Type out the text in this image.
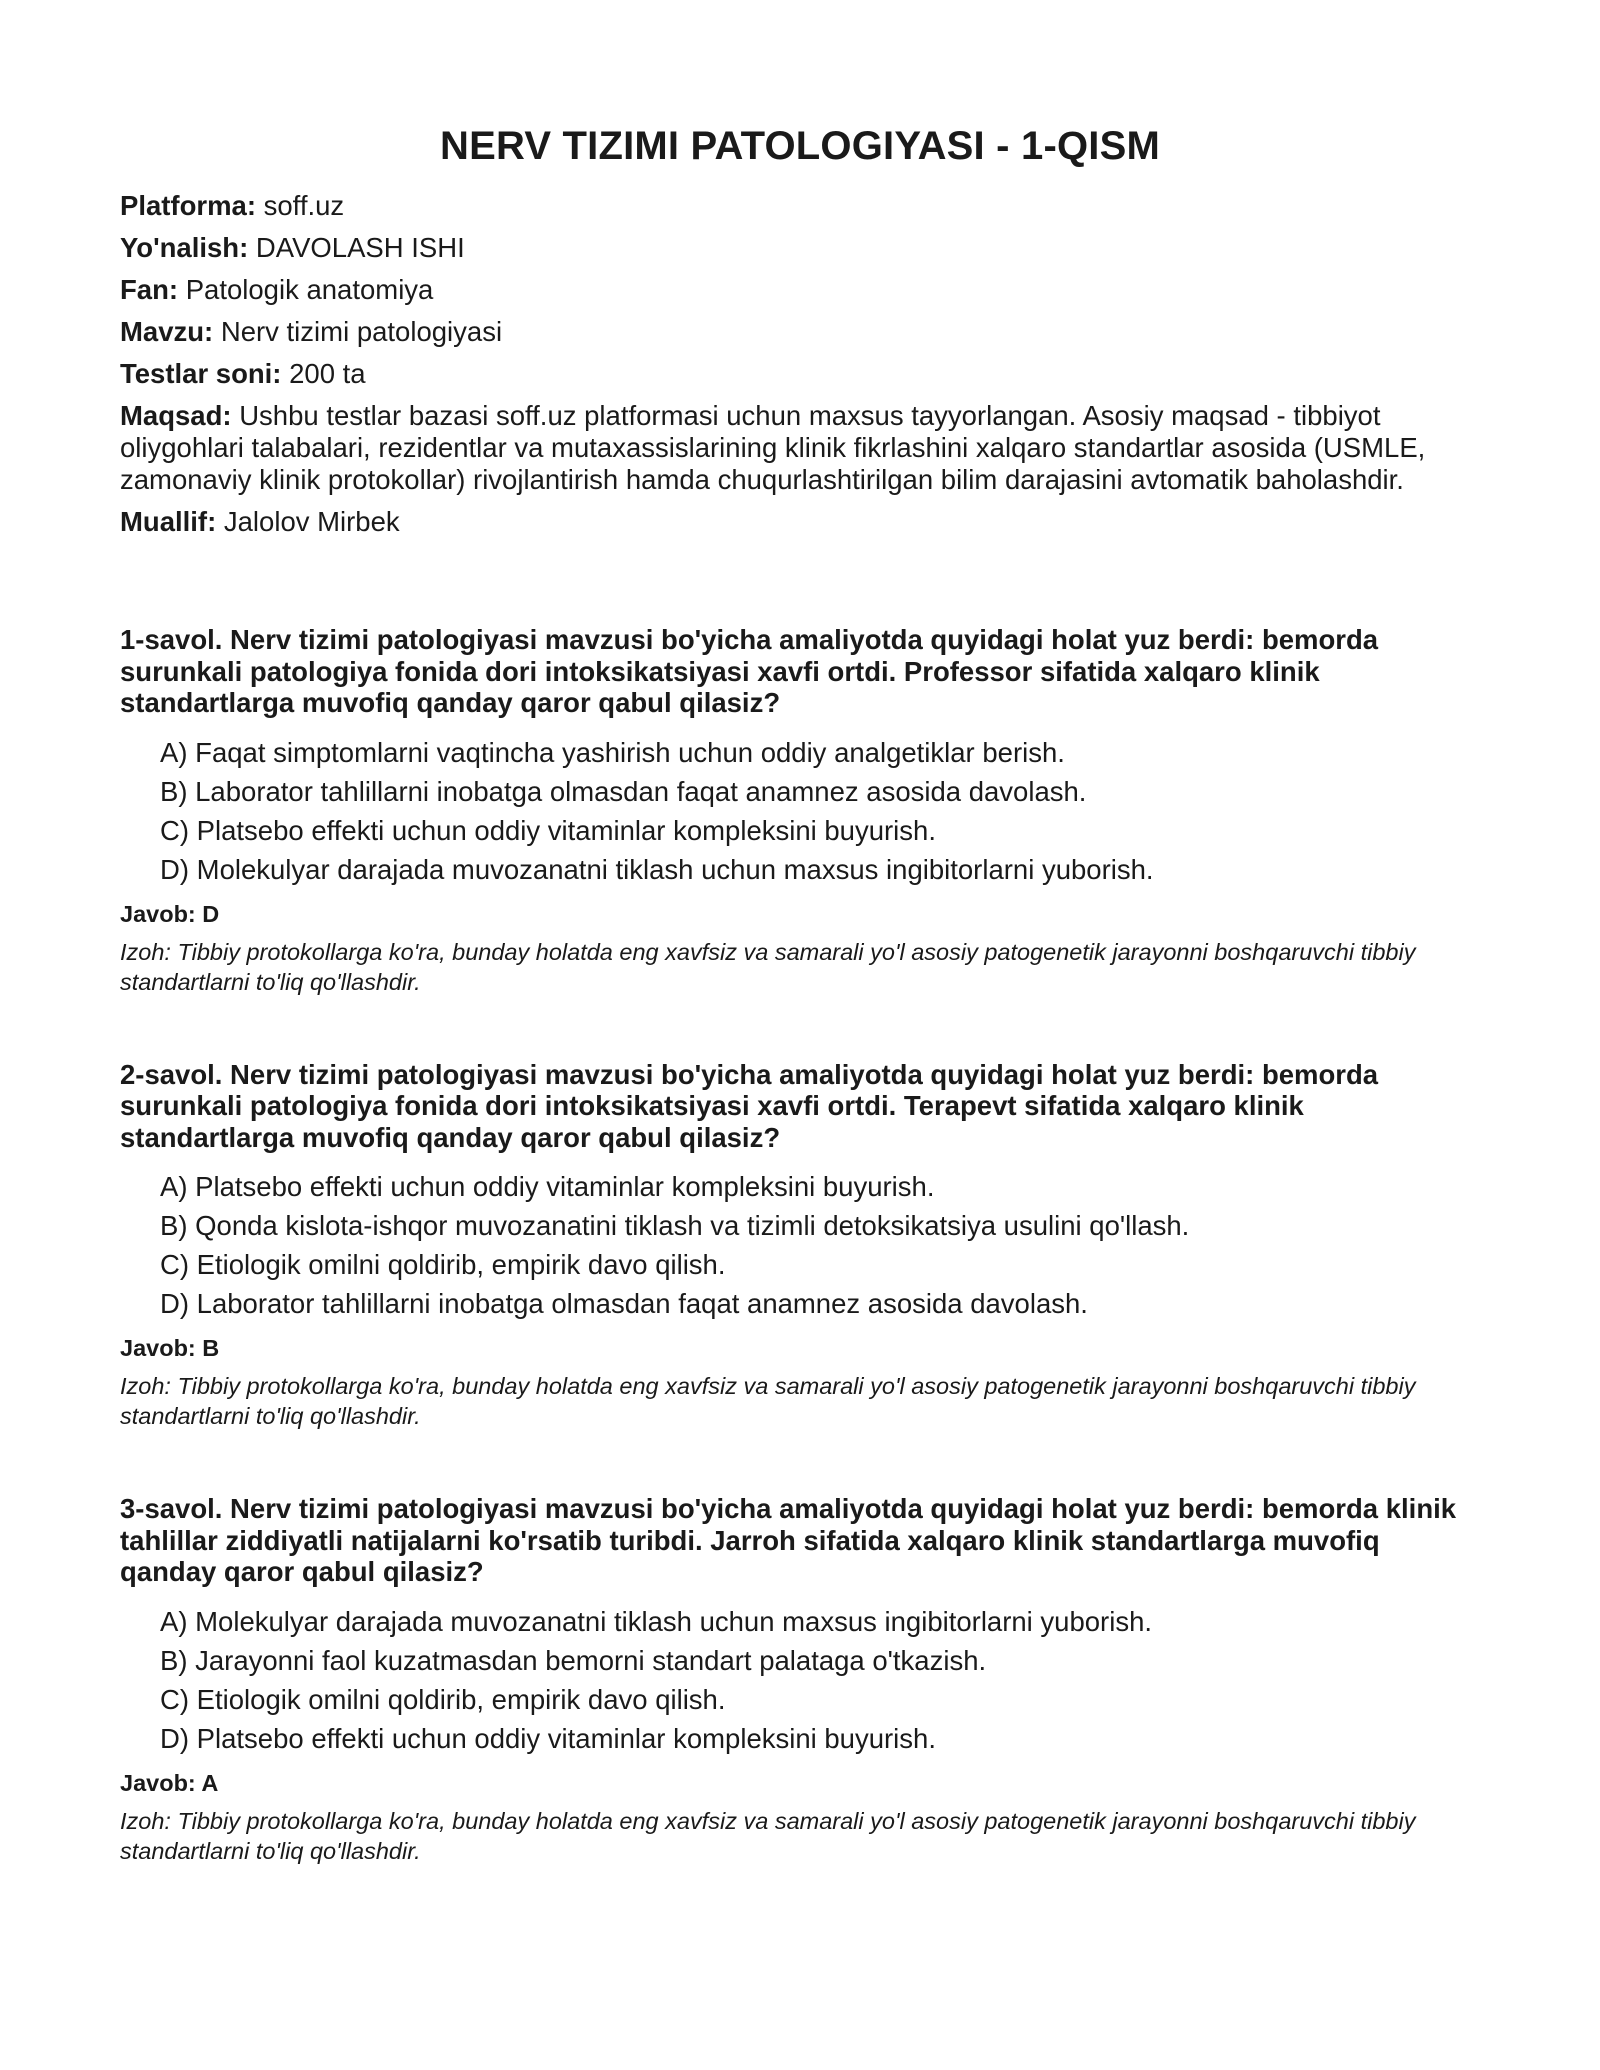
NERV TIZIMI PATOLOGIYASI - 1-QISM
Platforma: soff.uz
Yo'nalish: DAVOLASH ISHI
Fan: Patologik anatomiya
Mavzu: Nerv tizimi patologiyasi
Testlar soni: 200 ta
Maqsad: Ushbu testlar bazasi soff.uz platformasi uchun maxsus tayyorlangan. Asosiy maqsad - tibbiyot oliygohlari talabalari, rezidentlar va mutaxassislarining klinik fikrlashini xalqaro standartlar asosida (USMLE, zamonaviy klinik protokollar) rivojlantirish hamda chuqurlashtirilgan bilim darajasini avtomatik baholashdir.
Muallif: Jalolov Mirbek

1-savol. Nerv tizimi patologiyasi mavzusi bo'yicha amaliyotda quyidagi holat yuz berdi: bemorda surunkali patologiya fonida dori intoksikatsiyasi xavfi ortdi. Professor sifatida xalqaro klinik standartlarga muvofiq qanday qaror qabul qilasiz?

A) Faqat simptomlarni vaqtincha yashirish uchun oddiy analgetiklar berish.
B) Laborator tahlillarni inobatga olmasdan faqat anamnez asosida davolash.
C) Platsebo effekti uchun oddiy vitaminlar kompleksini buyurish.
D) Molekulyar darajada muvozanatni tiklash uchun maxsus ingibitorlarni yuborish.
Javob: D
Izoh: Tibbiy protokollarga ko'ra, bunday holatda eng xavfsiz va samarali yo'l asosiy patogenetik jarayonni boshqaruvchi tibbiy standartlarni to'liq qo'llashdir.

2-savol. Nerv tizimi patologiyasi mavzusi bo'yicha amaliyotda quyidagi holat yuz berdi: bemorda surunkali patologiya fonida dori intoksikatsiyasi xavfi ortdi. Terapevt sifatida xalqaro klinik standartlarga muvofiq qanday qaror qabul qilasiz?

A) Platsebo effekti uchun oddiy vitaminlar kompleksini buyurish.
B) Qonda kislota-ishqor muvozanatini tiklash va tizimli detoksikatsiya usulini qo'llash.
C) Etiologik omilni qoldirib, empirik davo qilish.
D) Laborator tahlillarni inobatga olmasdan faqat anamnez asosida davolash.
Javob: B
Izoh: Tibbiy protokollarga ko'ra, bunday holatda eng xavfsiz va samarali yo'l asosiy patogenetik jarayonni boshqaruvchi tibbiy standartlarni to'liq qo'llashdir.

3-savol. Nerv tizimi patologiyasi mavzusi bo'yicha amaliyotda quyidagi holat yuz berdi: bemorda klinik tahlillar ziddiyatli natijalarni ko'rsatib turibdi. Jarroh sifatida xalqaro klinik standartlarga muvofiq qanday qaror qabul qilasiz?

A) Molekulyar darajada muvozanatni tiklash uchun maxsus ingibitorlarni yuborish.
B) Jarayonni faol kuzatmasdan bemorni standart palataga o'tkazish.
C) Etiologik omilni qoldirib, empirik davo qilish.
D) Platsebo effekti uchun oddiy vitaminlar kompleksini buyurish.
Javob: A
Izoh: Tibbiy protokollarga ko'ra, bunday holatda eng xavfsiz va samarali yo'l asosiy patogenetik jarayonni boshqaruvchi tibbiy standartlarni to'liq qo'llashdir.
